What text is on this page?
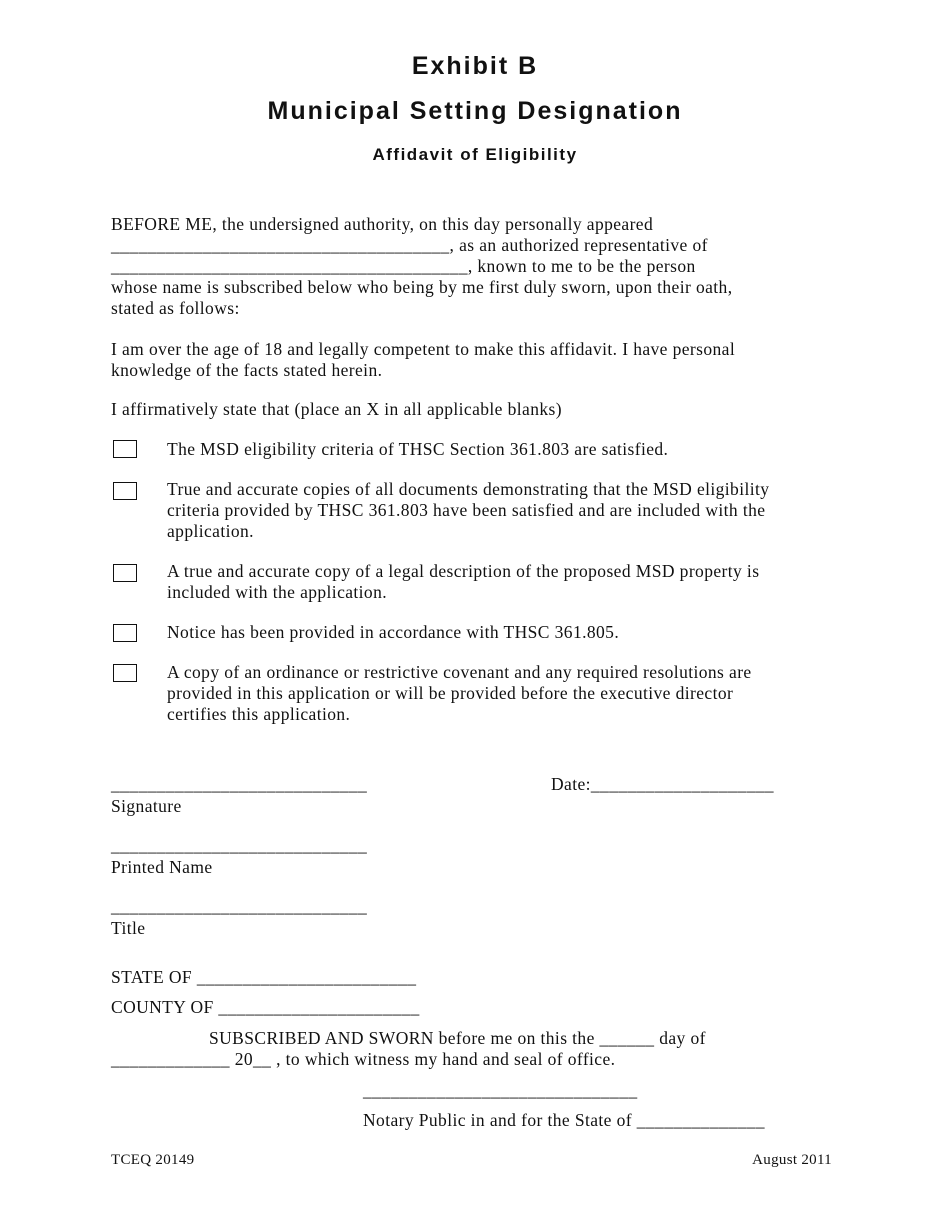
Exhibit B
Municipal Setting Designation
Affidavit of Eligibility
BEFORE ME, the undersigned authority, on this day personally appeared
_____________________________________, as an authorized representative of
_______________________________________, known to me to be the person
whose name is subscribed below who being by me first duly sworn, upon their oath,
stated as follows:
I am over the age of 18 and legally competent to make this affidavit. I have personal
knowledge of the facts stated herein.
I affirmatively state that (place an X in all applicable blanks)
The MSD eligibility criteria of THSC Section 361.803 are satisfied.
True and accurate copies of all documents demonstrating that the MSD eligibility
criteria provided by THSC 361.803 have been satisfied and are included with the
application.
A true and accurate copy of a legal description of the proposed MSD property is
included with the application.
Notice has been provided in accordance with THSC 361.805.
A copy of an ordinance or restrictive covenant and any required resolutions are
provided in this application or will be provided before the executive director
certifies this application.
____________________________
Signature
Date:____________________
____________________________
Printed Name
____________________________
Title
STATE OF ________________________
COUNTY OF ______________________
SUBSCRIBED AND SWORN before me on this the ______ day of
_____________ 20__ , to which witness my hand and seal of office.
______________________________
Notary Public in and for the State of ______________
TCEQ 20149	August 2011
